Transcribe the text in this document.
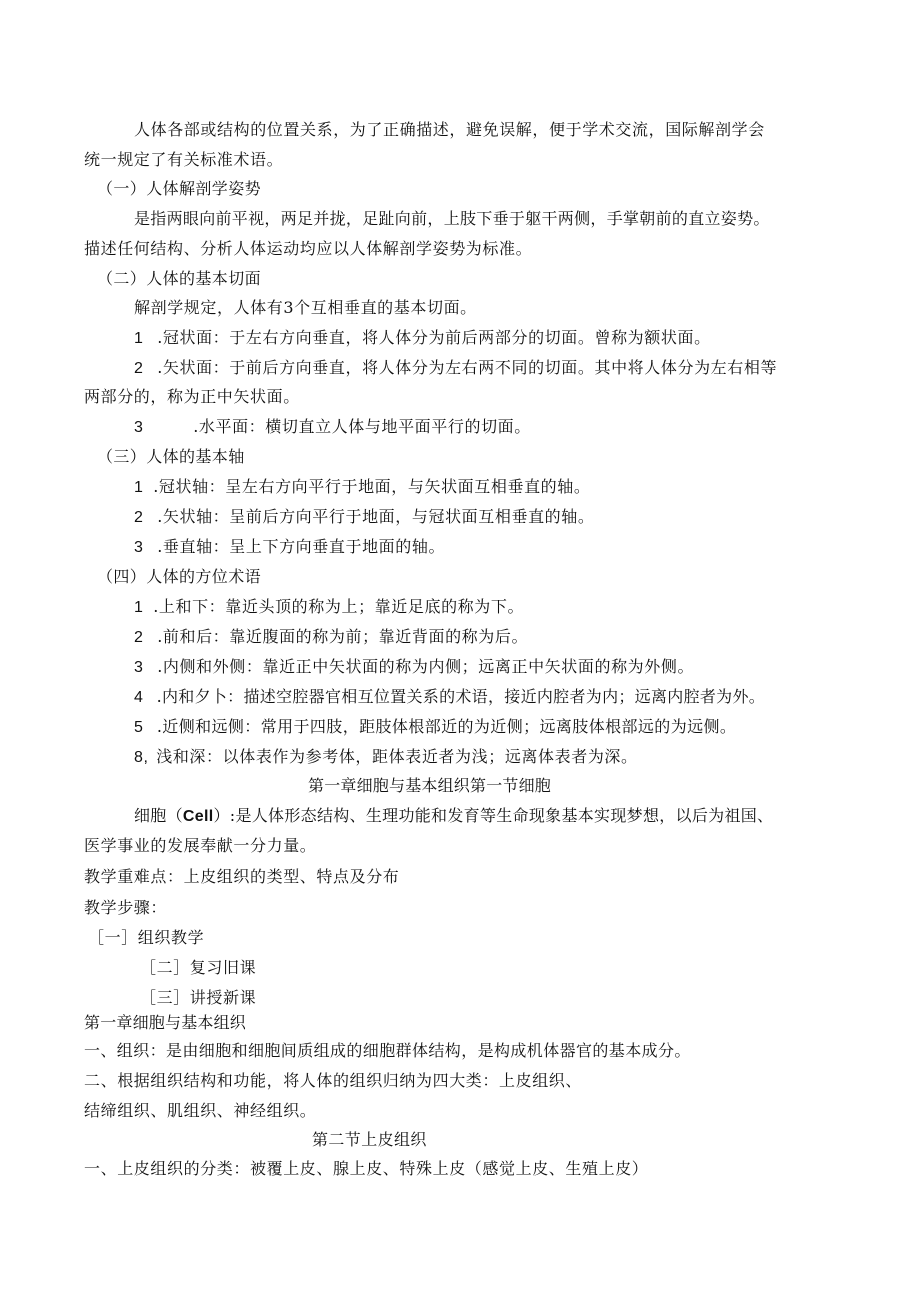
人体各部或结构的位置关系，为了正确描述，避免误解，便于学术交流，国际解剖学会
统一规定了有关标准术语。
（一）人体解剖学姿势
是指两眼向前平视，两足并拢，足趾向前，上肢下垂于躯干两侧，手掌朝前的直立姿势。
描述任何结构、分析人体运动均应以人体解剖学姿势为标准。
（二）人体的基本切面
解剖学规定，人体有3个互相垂直的基本切面。
1 .冠状面：于左右方向垂直，将人体分为前后两部分的切面。曾称为额状面。
2 .矢状面：于前后方向垂直，将人体分为左右两不同的切面。其中将人体分为左右相等
两部分的，称为正中矢状面。
3	.水平面：横切直立人体与地平面平行的切面。
（三）人体的基本轴
1 .冠状轴：呈左右方向平行于地面，与矢状面互相垂直的轴。
2 .矢状轴：呈前后方向平行于地面，与冠状面互相垂直的轴。
3 .垂直轴：呈上下方向垂直于地面的轴。
（四）人体的方位术语
1 .上和下：靠近头顶的称为上；靠近足底的称为下。
2 .前和后：靠近腹面的称为前；靠近背面的称为后。
3 .内侧和外侧：靠近正中矢状面的称为内侧；远离正中矢状面的称为外侧。
4 .内和夕卜：描述空腔器官相互位置关系的术语，接近内腔者为内；远离内腔者为外。
5 .近侧和远侧：常用于四肢，距肢体根部近的为近侧；远离肢体根部远的为远侧。
8, 浅和深：以体表作为参考体，距体表近者为浅；远离体表者为深。
第一章细胞与基本组织第一节细胞
细胞（Cell）:是人体形态结构、生理功能和发育等生命现象基本实现梦想，以后为祖国、
医学事业的发展奉献一分力量。
教学重难点：上皮组织的类型、特点及分布
教学步骤：
［一］组织教学
［二］复习旧课
［三］讲授新课
第一章细胞与基本组织
一、组织：是由细胞和细胞间质组成的细胞群体结构，是构成机体器官的基本成分。
二、根据组织结构和功能，将人体的组织归纳为四大类：上皮组织、
结缔组织、肌组织、神经组织。
第二节上皮组织
一、上皮组织的分类：被覆上皮、腺上皮、特殊上皮（感觉上皮、生殖上皮）
